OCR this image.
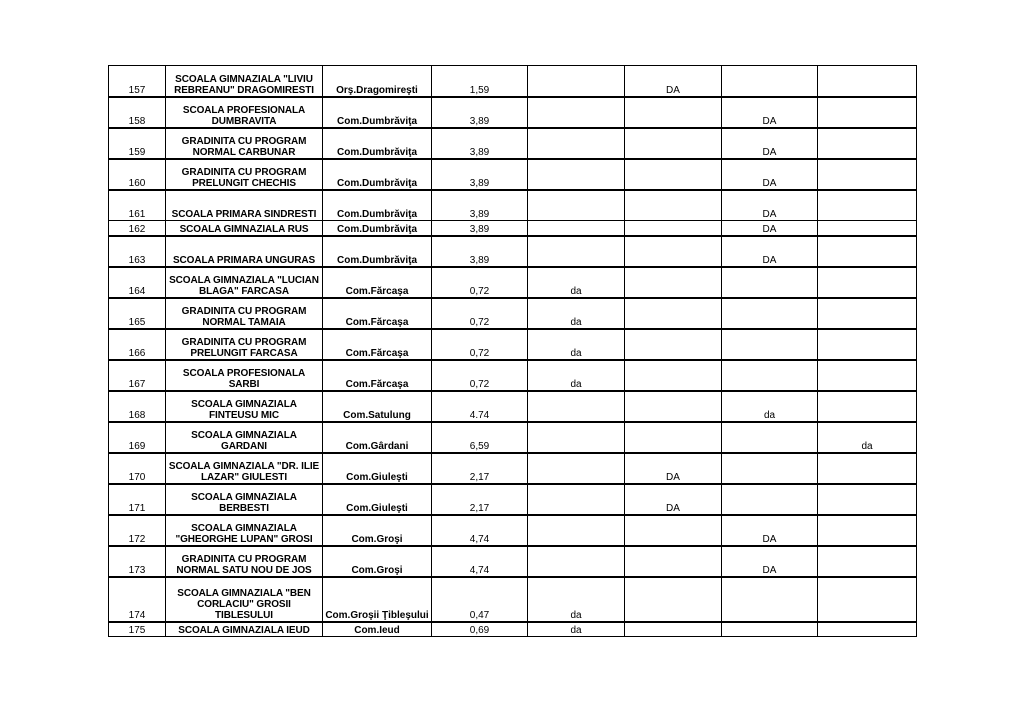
157	SCOALA GIMNAZIALA "LIVIU
REBREANU" DRAGOMIRESTI	Orş.Dragomireşti	1,59		DA		
158	SCOALA PROFESIONALA
DUMBRAVITA	Com.Dumbrăviţa	3,89			DA	
159	GRADINITA CU PROGRAM
NORMAL CARBUNAR	Com.Dumbrăviţa	3,89			DA	
160	GRADINITA CU PROGRAM
PRELUNGIT CHECHIS	Com.Dumbrăviţa	3,89			DA	
161	SCOALA PRIMARA SINDRESTI	Com.Dumbrăviţa	3,89			DA	
162	SCOALA GIMNAZIALA RUS	Com.Dumbrăviţa	3,89			DA	
163	SCOALA PRIMARA UNGURAS	Com.Dumbrăviţa	3,89			DA	
164	SCOALA GIMNAZIALA "LUCIAN
BLAGA" FARCASA	Com.Fărcaşa	0,72	da			
165	GRADINITA CU PROGRAM
NORMAL TAMAIA	Com.Fărcaşa	0,72	da			
166	GRADINITA CU PROGRAM
PRELUNGIT FARCASA	Com.Fărcaşa	0,72	da			
167	SCOALA PROFESIONALA
SARBI	Com.Fărcaşa	0,72	da			
168	SCOALA GIMNAZIALA
FINTEUSU MIC	Com.Satulung	4.74			da	
169	SCOALA GIMNAZIALA
GARDANI	Com.Gârdani	6,59				da
170	SCOALA GIMNAZIALA "DR. ILIE
LAZAR" GIULESTI	Com.Giuleşti	2,17		DA		
171	SCOALA GIMNAZIALA
BERBESTI	Com.Giuleşti	2,17		DA		
172	SCOALA GIMNAZIALA
"GHEORGHE LUPAN" GROSI	Com.Groşi	4,74			DA	
173	GRADINITA CU PROGRAM
NORMAL SATU NOU DE JOS	Com.Groşi	4,74			DA	
174	SCOALA GIMNAZIALA "BEN
CORLACIU" GROSII
TIBLESULUI	Com.Groşii Ţibleşului	0,47	da			
175	SCOALA GIMNAZIALA IEUD	Com.Ieud	0,69	da			
